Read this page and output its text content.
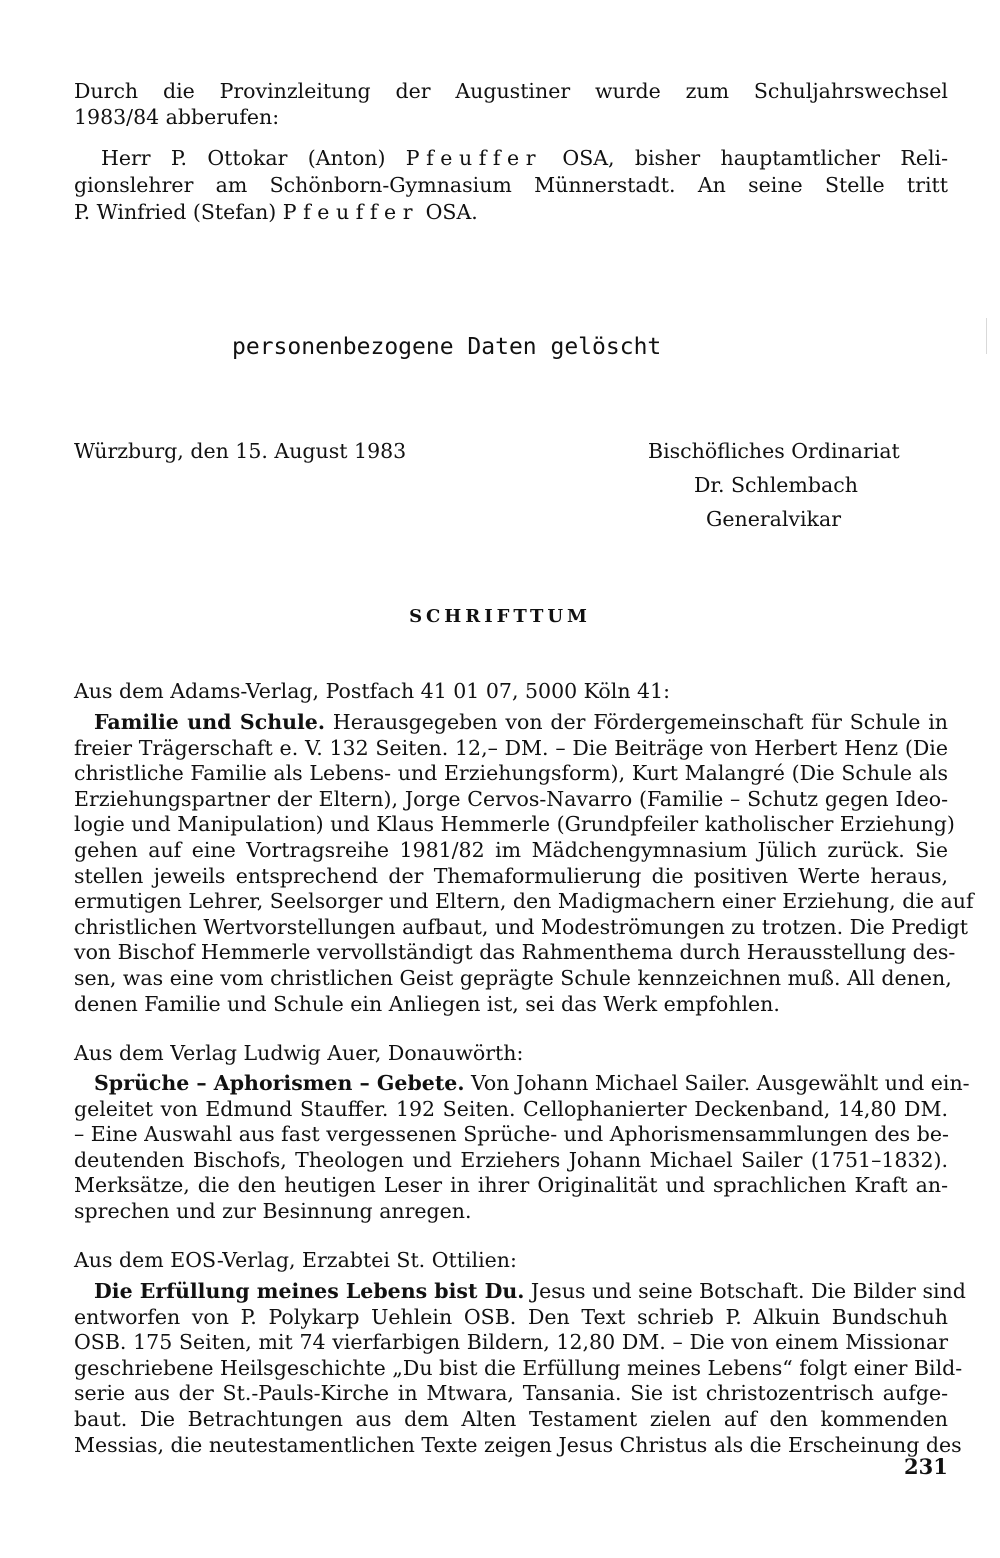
Durch die Provinzleitung der Augustiner wurde zum Schuljahrswechsel
1983/84 abberufen:
Herr P. Ottokar (Anton) Pfeuffer OSA, bisher hauptamtlicher Reli-
gionslehrer am Schönborn-Gymnasium Münnerstadt. An seine Stelle tritt
P. Winfried (Stefan) Pfeuffer OSA.
personenbezogene Daten gelöscht
Würzburg, den 15. August 1983	Bischöfliches Ordinariat
Dr. Schlembach
Generalvikar
SCHRIFTTUM
Aus dem Adams-Verlag, Postfach 41 01 07, 5000 Köln 41:
Familie und Schule. Herausgegeben von der Fördergemeinschaft für Schule in
freier Trägerschaft e. V. 132 Seiten. 12,– DM. – Die Beiträge von Herbert Henz (Die
christliche Familie als Lebens- und Erziehungsform), Kurt Malangré (Die Schule als
Erziehungspartner der Eltern), Jorge Cervos-Navarro (Familie – Schutz gegen Ideo-
logie und Manipulation) und Klaus Hemmerle (Grundpfeiler katholischer Erziehung)
gehen auf eine Vortragsreihe 1981/82 im Mädchengymnasium Jülich zurück. Sie
stellen jeweils entsprechend der Themaformulierung die positiven Werte heraus,
ermutigen Lehrer, Seelsorger und Eltern, den Madigmachern einer Erziehung, die auf
christlichen Wertvorstellungen aufbaut, und Modeströmungen zu trotzen. Die Predigt
von Bischof Hemmerle vervollständigt das Rahmenthema durch Herausstellung des-
sen, was eine vom christlichen Geist geprägte Schule kennzeichnen muß. All denen,
denen Familie und Schule ein Anliegen ist, sei das Werk empfohlen.
Aus dem Verlag Ludwig Auer, Donauwörth:
Sprüche – Aphorismen – Gebete. Von Johann Michael Sailer. Ausgewählt und ein-
geleitet von Edmund Stauffer. 192 Seiten. Cellophanierter Deckenband, 14,80 DM.
– Eine Auswahl aus fast vergessenen Sprüche- und Aphorismensammlungen des be-
deutenden Bischofs, Theologen und Erziehers Johann Michael Sailer (1751–1832).
Merksätze, die den heutigen Leser in ihrer Originalität und sprachlichen Kraft an-
sprechen und zur Besinnung anregen.
Aus dem EOS-Verlag, Erzabtei St. Ottilien:
Die Erfüllung meines Lebens bist Du. Jesus und seine Botschaft. Die Bilder sind
entworfen von P. Polykarp Uehlein OSB. Den Text schrieb P. Alkuin Bundschuh
OSB. 175 Seiten, mit 74 vierfarbigen Bildern, 12,80 DM. – Die von einem Missionar
geschriebene Heilsgeschichte „Du bist die Erfüllung meines Lebens“ folgt einer Bild-
serie aus der St.-Pauls-Kirche in Mtwara, Tansania. Sie ist christozentrisch aufge-
baut. Die Betrachtungen aus dem Alten Testament zielen auf den kommenden
Messias, die neutestamentlichen Texte zeigen Jesus Christus als die Erscheinung des
231
